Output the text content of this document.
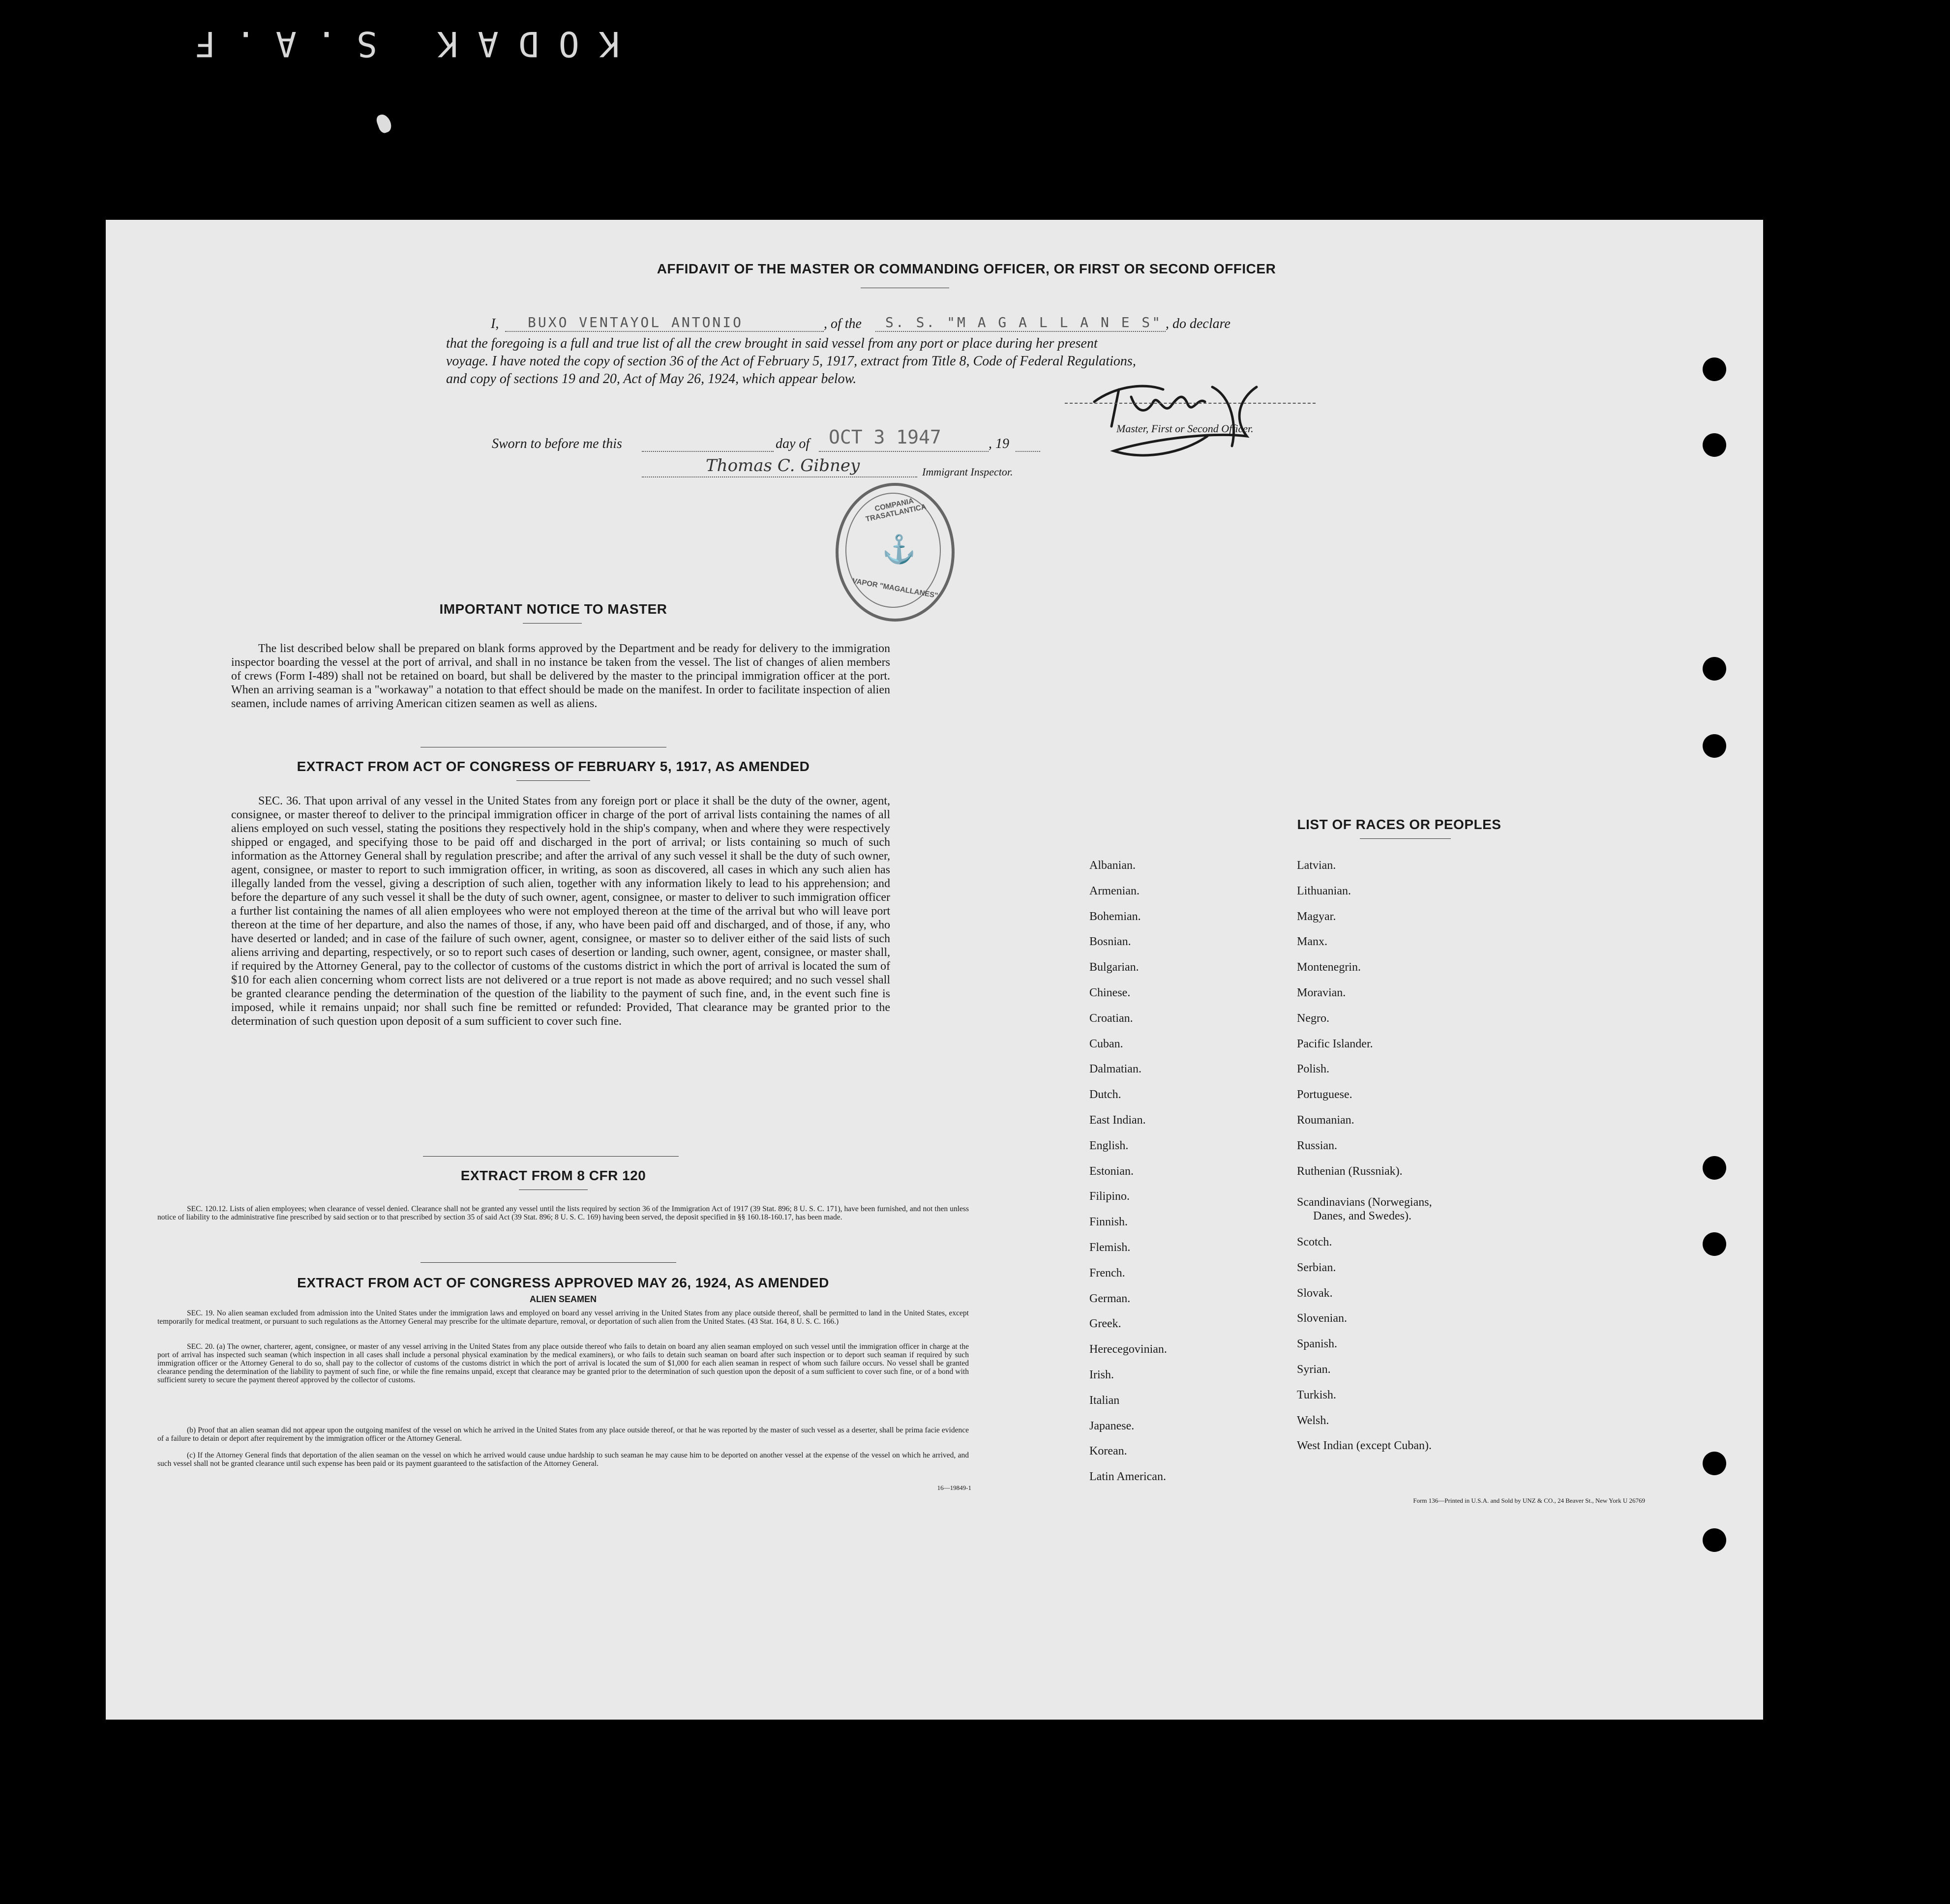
KODAK S.A.F
AFFIDAVIT OF THE MASTER OR COMMANDING OFFICER, OR FIRST OR SECOND OFFICER
I,	BUXO VENTAYOL ANTONIO	, of the	S. S. "M A G A L L A N E S" , do declare
that the foregoing is a full and true list of all the crew brought in said vessel from any port or place during her present
voyage. I have noted the copy of section 36 of the Act of February 5, 1917, extract from Title 8, Code of Federal Regulations,
and copy of sections 19 and 20, Act of May 26, 1924, which appear below.
Master, First or Second Officer.
Sworn to before me this	day of	OCT 3 1947	, 19
Thomas C. Gibney	Immigrant Inspector.
COMPANIA TRASATLANTICA
⚓
VAPOR "MAGALLANES"
IMPORTANT NOTICE TO MASTER
The list described below shall be prepared on blank forms approved by the Department and be ready for delivery to the immigration inspector boarding the vessel at the port of arrival, and shall in no instance be taken from the vessel. The list of changes of alien members of crews (Form I-489) shall not be retained on board, but shall be delivered by the master to the principal immigration officer at the port. When an arriving seaman is a "workaway" a notation to that effect should be made on the manifest. In order to facilitate inspection of alien seamen, include names of arriving American citizen seamen as well as aliens.
EXTRACT FROM ACT OF CONGRESS OF FEBRUARY 5, 1917, AS AMENDED
SEC. 36. That upon arrival of any vessel in the United States from any foreign port or place it shall be the duty of the owner, agent, consignee, or master thereof to deliver to the principal immigration officer in charge of the port of arrival lists containing the names of all aliens employed on such vessel, stating the positions they respectively hold in the ship's company, when and where they were respectively shipped or engaged, and specifying those to be paid off and discharged in the port of arrival; or lists containing so much of such information as the Attorney General shall by regulation prescribe; and after the arrival of any such vessel it shall be the duty of such owner, agent, consignee, or master to report to such immigration officer, in writing, as soon as discovered, all cases in which any such alien has illegally landed from the vessel, giving a description of such alien, together with any information likely to lead to his apprehension; and before the departure of any such vessel it shall be the duty of such owner, agent, consignee, or master to deliver to such immigration officer a further list containing the names of all alien employees who were not employed thereon at the time of the arrival but who will leave port thereon at the time of her departure, and also the names of those, if any, who have been paid off and discharged, and of those, if any, who have deserted or landed; and in case of the failure of such owner, agent, consignee, or master so to deliver either of the said lists of such aliens arriving and departing, respectively, or so to report such cases of desertion or landing, such owner, agent, consignee, or master shall, if required by the Attorney General, pay to the collector of customs of the customs district in which the port of arrival is located the sum of $10 for each alien concerning whom correct lists are not delivered or a true report is not made as above required; and no such vessel shall be granted clearance pending the determination of the question of the liability to the payment of such fine, and, in the event such fine is imposed, while it remains unpaid; nor shall such fine be remitted or refunded: Provided, That clearance may be granted prior to the determination of such question upon deposit of a sum sufficient to cover such fine.
EXTRACT FROM 8 CFR 120
SEC. 120.12. Lists of alien employees; when clearance of vessel denied. Clearance shall not be granted any vessel until the lists required by section 36 of the Immigration Act of 1917 (39 Stat. 896; 8 U. S. C. 171), have been furnished, and not then unless notice of liability to the administrative fine prescribed by said section or to that prescribed by section 35 of said Act (39 Stat. 896; 8 U. S. C. 169) having been served, the deposit specified in §§ 160.18-160.17, has been made.
EXTRACT FROM ACT OF CONGRESS APPROVED MAY 26, 1924, AS AMENDED
ALIEN SEAMEN
SEC. 19. No alien seaman excluded from admission into the United States under the immigration laws and employed on board any vessel arriving in the United States from any place outside thereof, shall be permitted to land in the United States, except temporarily for medical treatment, or pursuant to such regulations as the Attorney General may prescribe for the ultimate departure, removal, or deportation of such alien from the United States. (43 Stat. 164, 8 U. S. C. 166.)
SEC. 20. (a) The owner, charterer, agent, consignee, or master of any vessel arriving in the United States from any place outside thereof who fails to detain on board any alien seaman employed on such vessel until the immigration officer in charge at the port of arrival has inspected such seaman (which inspection in all cases shall include a personal physical examination by the medical examiners), or who fails to detain such seaman on board after such inspection or to deport such seaman if required by such immigration officer or the Attorney General to do so, shall pay to the collector of customs of the customs district in which the port of arrival is located the sum of $1,000 for each alien seaman in respect of whom such failure occurs. No vessel shall be granted clearance pending the determination of the liability to payment of such fine, or while the fine remains unpaid, except that clearance may be granted prior to the determination of such question upon the deposit of a sum sufficient to cover such fine, or of a bond with sufficient surety to secure the payment thereof approved by the collector of customs.
(b) Proof that an alien seaman did not appear upon the outgoing manifest of the vessel on which he arrived in the United States from any place outside thereof, or that he was reported by the master of such vessel as a deserter, shall be prima facie evidence of a failure to detain or deport after requirement by the immigration officer or the Attorney General.
(c) If the Attorney General finds that deportation of the alien seaman on the vessel on which he arrived would cause undue hardship to such seaman he may cause him to be deported on another vessel at the expense of the vessel on which he arrived, and such vessel shall not be granted clearance until such expense has been paid or its payment guaranteed to the satisfaction of the Attorney General.
16—19849-1
LIST OF RACES OR PEOPLES
Form 136—Printed in U.S.A. and Sold by UNZ & CO., 24 Beaver St., New York U 26769
Albanian.
Armenian.
Bohemian.
Bosnian.
Bulgarian.
Chinese.
Croatian.
Cuban.
Dalmatian.
Dutch.
East Indian.
English.
Estonian.
Filipino.
Finnish.
Flemish.
French.
German.
Greek.
Herecegovinian.
Irish.
Italian
Japanese.
Korean.
Latin American.
Latvian.
Lithuanian.
Magyar.
Manx.
Montenegrin.
Moravian.
Negro.
Pacific Islander.
Polish.
Portuguese.
Roumanian.
Russian.
Ruthenian (Russniak).
Scandinavians (Norwegians,
Danes, and Swedes).
Scotch.
Serbian.
Slovak.
Slovenian.
Spanish.
Syrian.
Turkish.
Welsh.
West Indian (except Cuban).
